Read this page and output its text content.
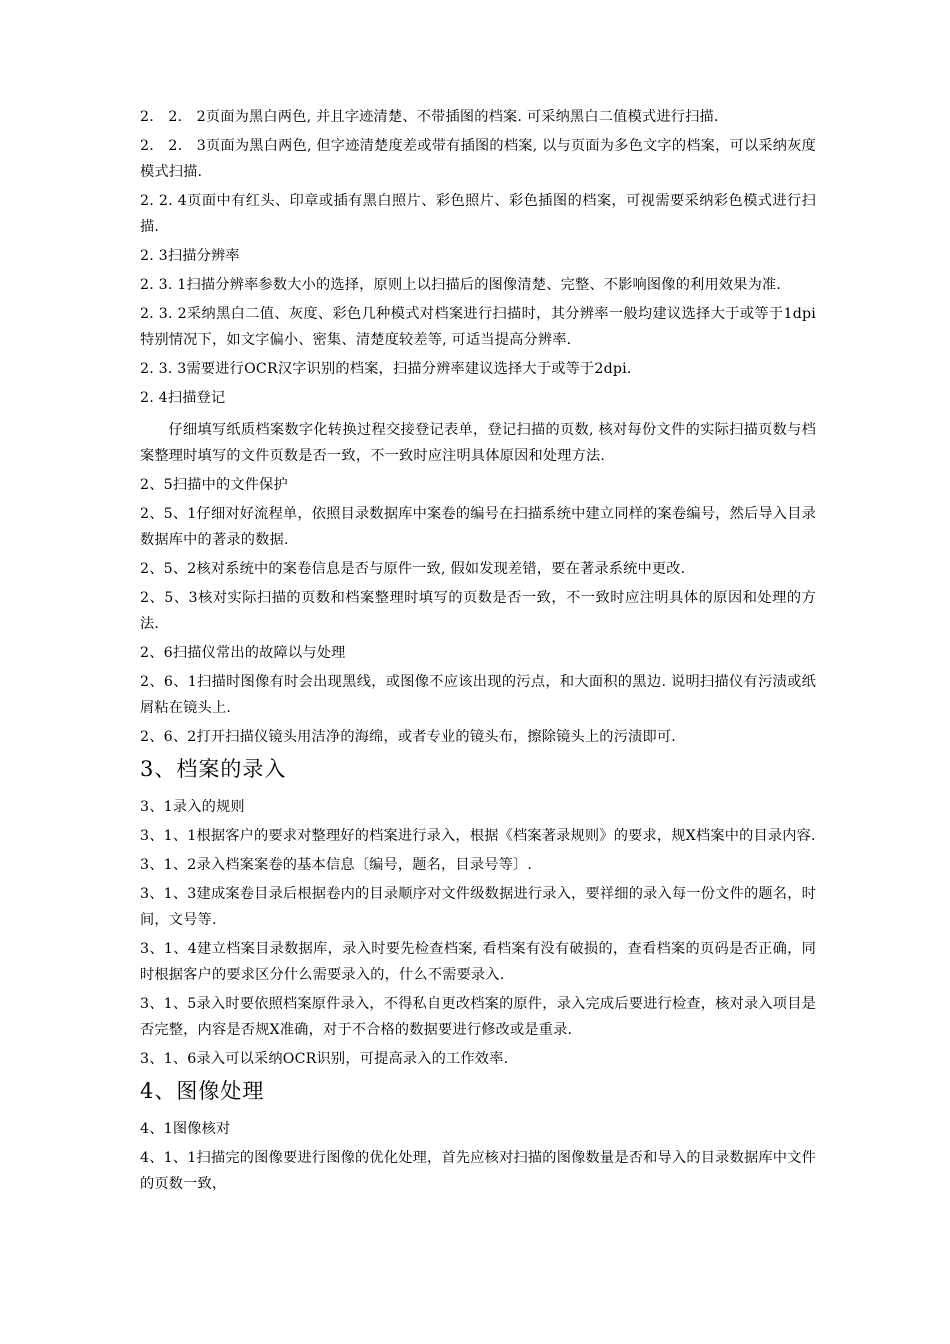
2.　2.　2页面为黑白两色, 并且字迹清楚、不带插图的档案. 可采纳黑白二值模式进行扫描.

2.　2.　3页面为黑白两色, 但字迹清楚度差或带有插图的档案, 以与页面为多色文字的档案，可以采纳灰度模式扫描.

2. 2. 4页面中有红头、印章或插有黑白照片、彩色照片、彩色插图的档案，可视需要采纳彩色模式进行扫描.

2. 3扫描分辨率

2. 3. 1扫描分辨率参数大小的选择，原则上以扫描后的图像清楚、完整、不影响图像的利用效果为准.

2. 3. 2采纳黑白二值、灰度、彩色几种模式对档案进行扫描时，其分辨率一般均建议选择大于或等于1dpi特别情况下，如文字偏小、密集、清楚度较差等, 可适当提高分辨率.

2. 3. 3需要进行OCR汉字识别的档案，扫描分辨率建议选择大于或等于2dpi.

2. 4扫描登记

仔细填写纸质档案数字化转换过程交接登记表单，登记扫描的页数, 核对每份文件的实际扫描页数与档案整理时填写的文件页数是否一致，不一致时应注明具体原因和处理方法.

2、5扫描中的文件保护

2、5、1仔细对好流程单，依照目录数据库中案卷的编号在扫描系统中建立同样的案卷编号，然后导入目录数据库中的著录的数据.

2、5、2核对系统中的案卷信息是否与原件一致, 假如发现差错，要在著录系统中更改.

2、5、3核对实际扫描的页数和档案整理时填写的页数是否一致，不一致时应注明具体的原因和处理的方法.

2、6扫描仪常出的故障以与处理

2、6、1扫描时图像有时会出现黑线，或图像不应该出现的污点，和大面积的黑边. 说明扫描仪有污渍或纸屑粘在镜头上.

2、6、2打开扫描仪镜头用洁净的海绵，或者专业的镜头布，擦除镜头上的污渍即可.

3、档案的录入

3、1录入的规则

3、1、1根据客户的要求对整理好的档案进行录入，根据《档案著录规则》的要求，规X档案中的目录内容.

3、1、2录入档案案卷的基本信息〔编号，题名，目录号等〕.

3、1、3建成案卷目录后根据卷内的目录顺序对文件级数据进行录入，要祥细的录入每一份文件的题名，时间，文号等.

3、1、4建立档案目录数据库，录入时要先检查档案, 看档案有没有破损的，查看档案的页码是否正确，同时根据客户的要求区分什么需要录入的，什么不需要录入.

3、1、5录入时要依照档案原件录入，不得私自更改档案的原件，录入完成后要进行检查，核对录入项目是否完整，内容是否规X准确，对于不合格的数据要进行修改或是重录.

3、1、6录入可以采纳OCR识别，可提高录入的工作效率.

4、图像处理

4、1图像核对

4、1、1扫描完的图像要进行图像的优化处理，首先应核对扫描的图像数量是否和导入的目录数据库中文件的页数一致，
